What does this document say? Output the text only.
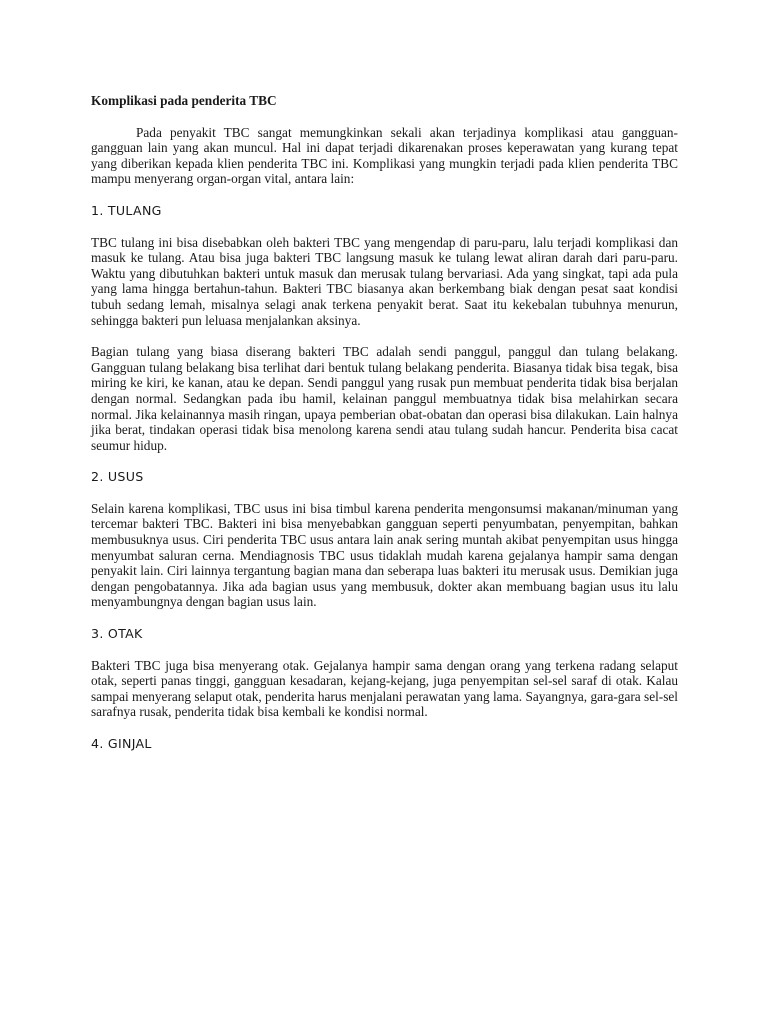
Komplikasi pada penderita TBC

Pada penyakit TBC sangat memungkinkan sekali akan terjadinya komplikasi atau gangguan-gangguan lain yang akan muncul. Hal ini dapat terjadi dikarenakan proses keperawatan yang kurang tepat yang diberikan kepada klien penderita TBC ini. Komplikasi yang mungkin terjadi pada klien penderita TBC mampu menyerang organ-organ vital, antara lain:

1. TULANG

TBC tulang ini bisa disebabkan oleh bakteri TBC yang mengendap di paru-paru, lalu terjadi komplikasi dan masuk ke tulang. Atau bisa juga bakteri TBC langsung masuk ke tulang lewat aliran darah dari paru-paru. Waktu yang dibutuhkan bakteri untuk masuk dan merusak tulang bervariasi. Ada yang singkat, tapi ada pula yang lama hingga bertahun-tahun. Bakteri TBC biasanya akan berkembang biak dengan pesat saat kondisi tubuh sedang lemah, misalnya selagi anak terkena penyakit berat. Saat itu kekebalan tubuhnya menurun, sehingga bakteri pun leluasa menjalankan aksinya.

Bagian tulang yang biasa diserang bakteri TBC adalah sendi panggul, panggul dan tulang belakang. Gangguan tulang belakang bisa terlihat dari bentuk tulang belakang penderita. Biasanya tidak bisa tegak, bisa miring ke kiri, ke kanan, atau ke depan. Sendi panggul yang rusak pun membuat penderita tidak bisa berjalan dengan normal. Sedangkan pada ibu hamil, kelainan panggul membuatnya tidak bisa melahirkan secara normal. Jika kelainannya masih ringan, upaya pemberian obat-obatan dan operasi bisa dilakukan. Lain halnya jika berat, tindakan operasi tidak bisa menolong karena sendi atau tulang sudah hancur. Penderita bisa cacat seumur hidup.

2. USUS

Selain karena komplikasi, TBC usus ini bisa timbul karena penderita mengonsumsi makanan/minuman yang tercemar bakteri TBC. Bakteri ini bisa menyebabkan gangguan seperti penyumbatan, penyempitan, bahkan membusuknya usus. Ciri penderita TBC usus antara lain anak sering muntah akibat penyempitan usus hingga menyumbat saluran cerna. Mendiagnosis TBC usus tidaklah mudah karena gejalanya hampir sama dengan penyakit lain. Ciri lainnya tergantung bagian mana dan seberapa luas bakteri itu merusak usus. Demikian juga dengan pengobatannya. Jika ada bagian usus yang membusuk, dokter akan membuang bagian usus itu lalu menyambungnya dengan bagian usus lain.

3. OTAK

Bakteri TBC juga bisa menyerang otak. Gejalanya hampir sama dengan orang yang terkena radang selaput otak, seperti panas tinggi, gangguan kesadaran, kejang-kejang, juga penyempitan sel-sel saraf di otak. Kalau sampai menyerang selaput otak, penderita harus menjalani perawatan yang lama. Sayangnya, gara-gara sel-sel sarafnya rusak, penderita tidak bisa kembali ke kondisi normal.

4. GINJAL
